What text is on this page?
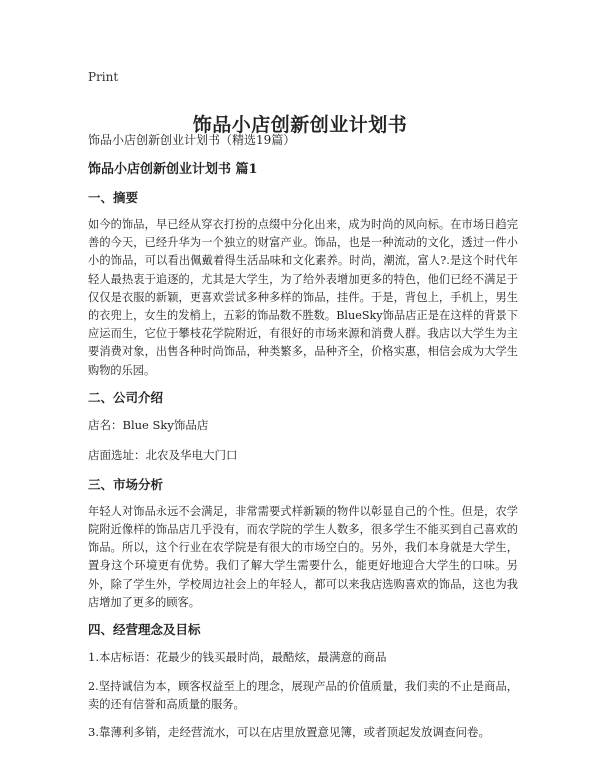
Print
饰品小店创新创业计划书

饰品小店创新创业计划书（精选19篇）

饰品小店创新创业计划书 篇1
一、摘要

如今的饰品，早已经从穿衣打扮的点缀中分化出来，成为时尚的风向标。在市场日趋完善的今天，已经升华为一个独立的财富产业。饰品，也是一种流动的文化，透过一件小小的饰品，可以看出佩戴着得生活品味和文化素养。时尚，潮流，富人?.是这个时代年轻人最热衷于追逐的，尤其是大学生，为了给外表增加更多的特色，他们已经不满足于仅仅是衣服的新颖，更喜欢尝试多种多样的饰品，挂件。于是，背包上，手机上，男生的衣兜上，女生的发梢上，五彩的饰品数不胜数。BlueSky饰品店正是在这样的背景下应运而生，它位于攀枝花学院附近，有很好的市场来源和消费人群。我店以大学生为主要消费对象，出售各种时尚饰品，种类繁多，品种齐全，价格实惠，相信会成为大学生购物的乐园。

二、公司介绍

店名：Blue Sky饰品店

店面选址：北农及华电大门口

三、市场分析

年轻人对饰品永远不会满足，非常需要式样新颖的物件以彰显自己的个性。但是，农学院附近像样的饰品店几乎没有，而农学院的学生人数多，很多学生不能买到自己喜欢的饰品。所以，这个行业在农学院是有很大的市场空白的。另外，我们本身就是大学生，置身这个环境更有优势。我们了解大学生需要什么，能更好地迎合大学生的口味。另外，除了学生外，学校周边社会上的年轻人，都可以来我店选购喜欢的饰品，这也为我店增加了更多的顾客。

四、经营理念及目标

1.本店标语：花最少的钱买最时尚，最酷炫，最满意的商品

2.坚持诚信为本，顾客权益至上的理念，展现产品的价值质量，我们卖的不止是商品，卖的还有信誉和高质量的服务。

3.靠薄利多销，走经营流水，可以在店里放置意见簿，或者顶起发放调查问卷。
